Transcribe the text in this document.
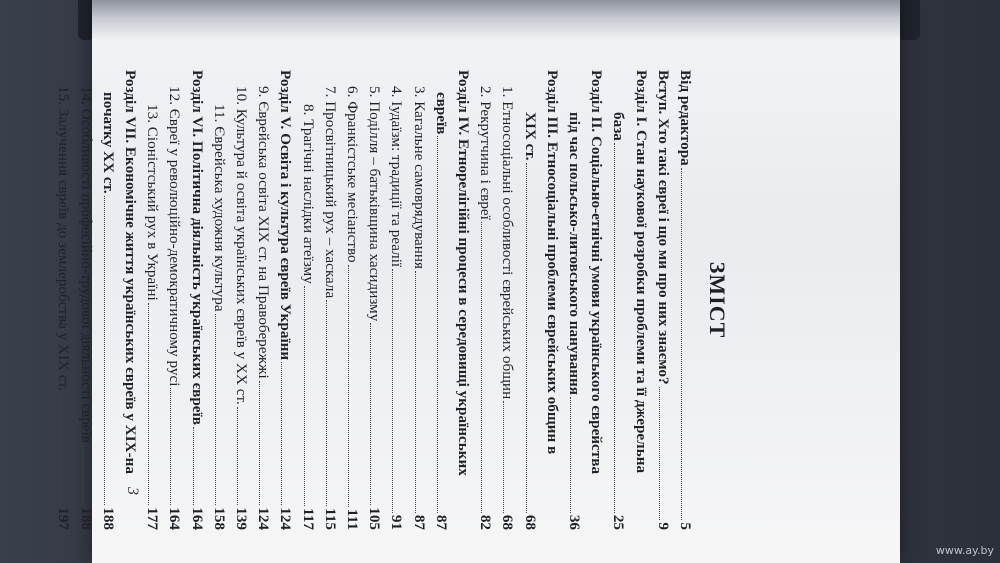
ЗМІСТ
Від редактора
5
Вступ. Хто такі євреї і що ми про них знаємо?
9
Розділ І. Стан наукової розробки проблеми та її джерельна
база
25
Розділ ІІ. Соціально-етнічні умови українського єврейства
під час польсько-литовського панування
36
Розділ ІІІ. Етносоціальні проблеми єврейських общин в
ХІХ ст.
68
1. Етносоціальні особливості єврейських общин
68
2. Рекрутчина і євреї
82
Розділ IV. Етнорелігійні процеси в середовищі українських
євреїв
87
3. Кагальне самоврядування
87
4. Іудаїзм: традиції та реалії
91
5. Поділля – батьківщина хасидизму
105
6. Франкістське месіанство
111
7. Просвітницький рух – хаскала
115
8. Трагічні наслідки атеїзму
117
Розділ V. Освіта і культура євреїв України
124
9. Єврейська освіта ХІХ ст. на Правобережжі
124
10. Культура й освіта українських євреїв у ХХ ст.
139
11. Єврейська художня культура
158
Розділ VI. Політична діяльність українських євреїв
164
12. Євреї у революційно-демократичному русі
164
13. Сіоністський рух в Україні
177
Розділ VII. Економічне життя українських євреїв у ХІХ-на
початку ХХ ст.
188
14. Особливості професійно-трудової діяльності євреїв
188
15. Залучення євреїв до землеробства у ХІХ ст.
197
3
www.ay.by
